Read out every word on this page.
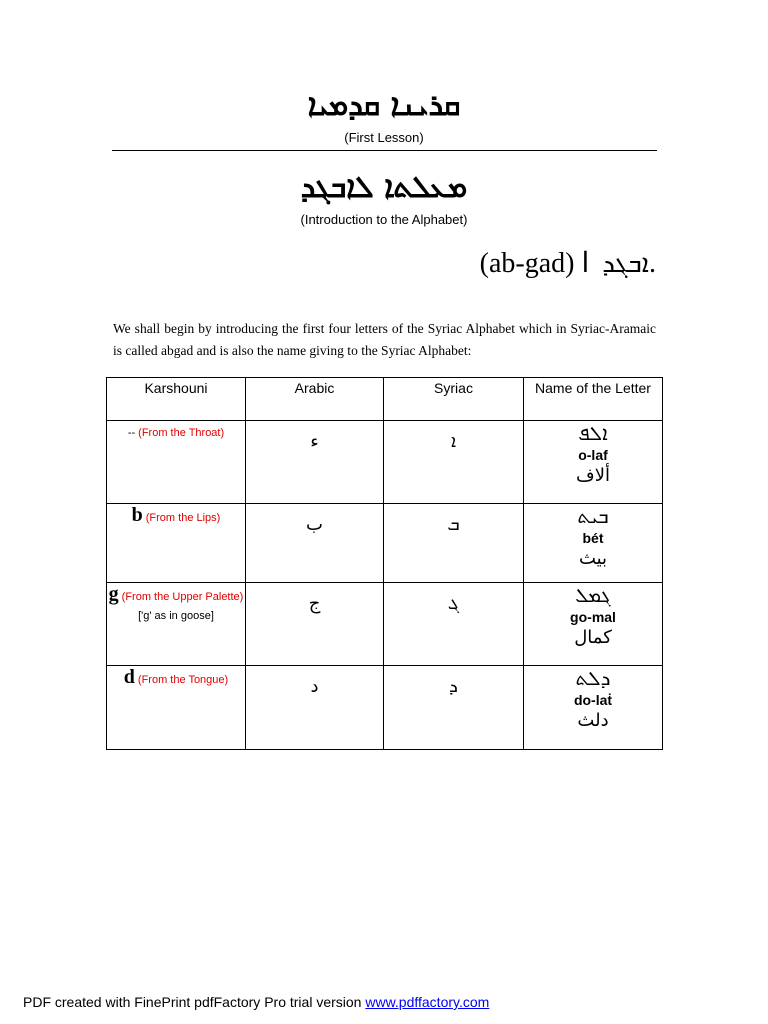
ܩܪܝܢܐ ܩܕܡܝܐ
(First Lesson)
ܡܥܠܬܐ ܠܐܒܓܕ
(Introduction to the Alphabet)
(ab-gad) ܐܒܓܕ ا.

We shall begin by introducing the first four letters of the Syriac Alphabet which in Syriac-Aramaic is called abgad and is also the name giving to the Syriac Alphabet:

Karshouni	Arabic	Syriac	Name of the Letter
-- (From the Throat)	ء	ܐ	ܐܠܦ
o-laf
ألاف

b (From the Lips)	ب	ܒ	ܒܝܬ
bét
بيث

g (From the Upper Palette)
['g' as in goose]	ج	ܓ	ܓܡܠ
go-mal
كمال

d (From the Tongue)	د	ܕ	ܕܠܬ
do-laṫ
دلث
PDF created with FinePrint pdfFactory Pro trial version www.pdffactory.com
